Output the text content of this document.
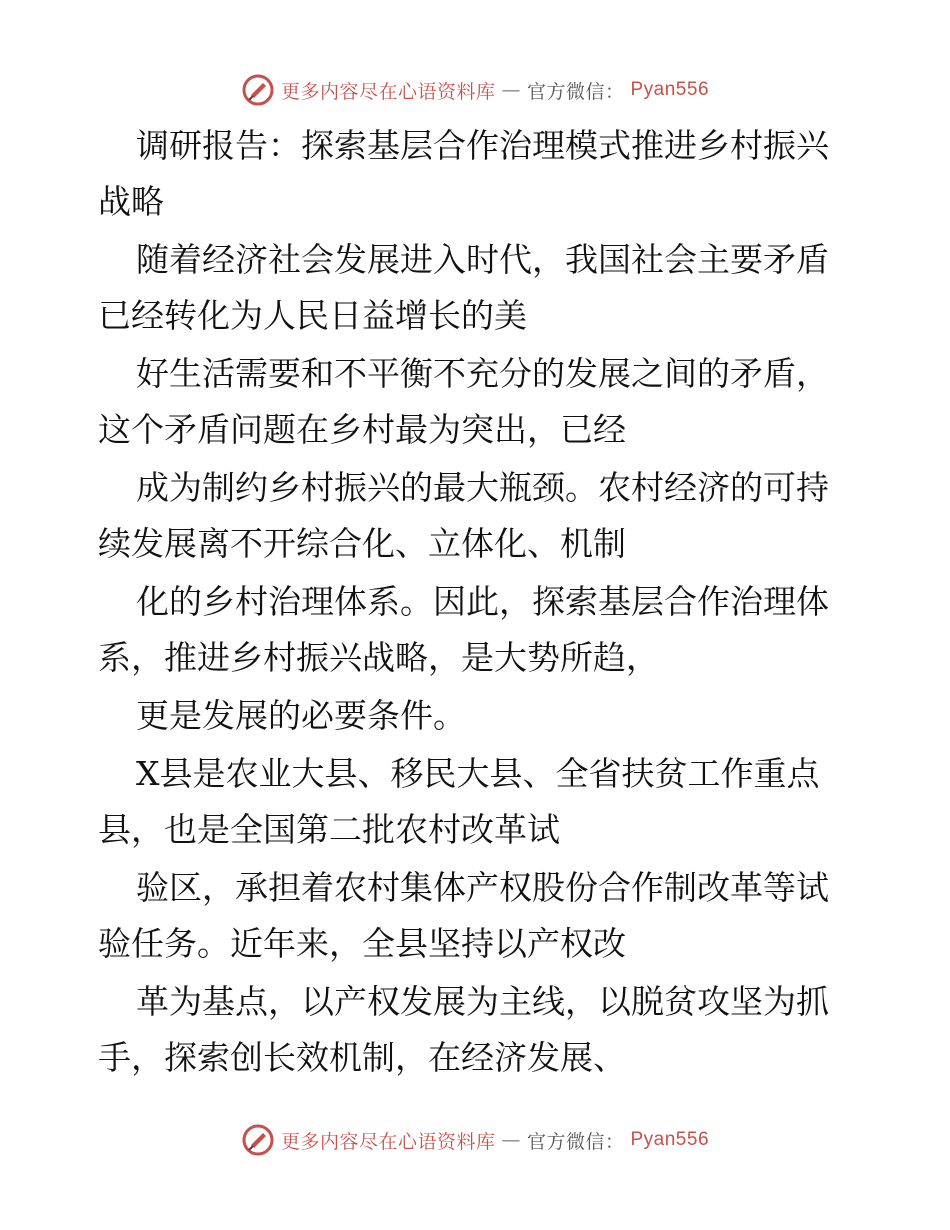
更多内容尽在心语资料库 — 官方微信： Pyan556

调研报告：探索基层合作治理模式推进乡村振兴
战略

随着经济社会发展进入时代，我国社会主要矛盾
已经转化为人民日益增长的美

好生活需要和不平衡不充分的发展之间的矛盾，
这个矛盾问题在乡村最为突出，已经

成为制约乡村振兴的最大瓶颈。农村经济的可持
续发展离不开综合化、立体化、机制

化的乡村治理体系。因此，探索基层合作治理体
系，推进乡村振兴战略，是大势所趋，

更是发展的必要条件。

X县是农业大县、移民大县、全省扶贫工作重点
县，也是全国第二批农村改革试

验区，承担着农村集体产权股份合作制改革等试
验任务。近年来，全县坚持以产权改

革为基点，以产权发展为主线，以脱贫攻坚为抓
手，探索创长效机制，在经济发展、

更多内容尽在心语资料库 — 官方微信： Pyan556
